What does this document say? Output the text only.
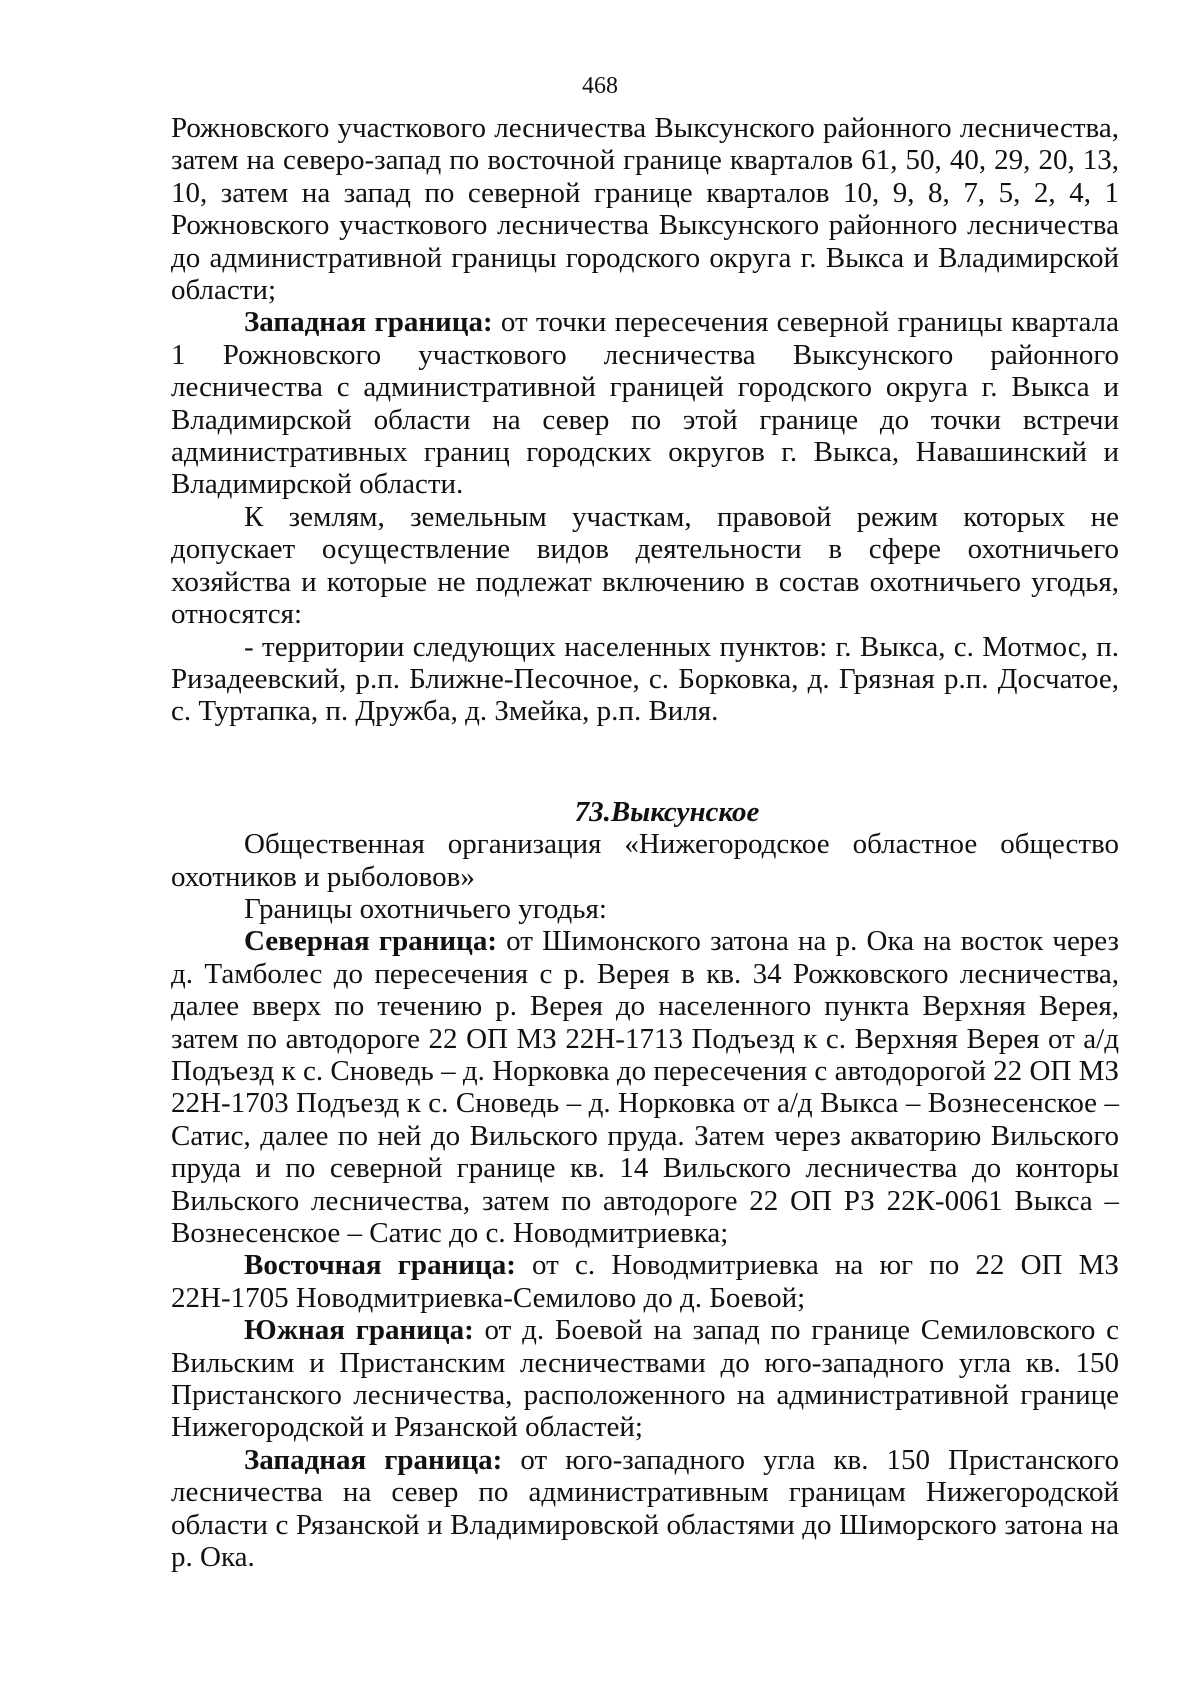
468

Рожновского участкового лесничества Выксунского районного лесничества, затем на северо-запад по восточной границе кварталов 61, 50, 40, 29, 20, 13, 10, затем на запад по северной границе кварталов 10, 9, 8, 7, 5, 2, 4, 1 Рожновского участкового лесничества Выксунского районного лесничества до административной границы городского округа г. Выкса и Владимирской области;

Западная граница: от точки пересечения северной границы квартала 1 Рожновского участкового лесничества Выксунского районного лесничества с административной границей городского округа г. Выкса и Владимирской области на север по этой границе до точки встречи административных границ городских округов г. Выкса, Навашинский и Владимирской области.

К землям, земельным участкам, правовой режим которых не допускает осуществление видов деятельности в сфере охотничьего хозяйства и которые не подлежат включению в состав охотничьего угодья, относятся:

- территории следующих населенных пунктов: г. Выкса, с. Мотмос, п. Ризадеевский, р.п. Ближне-Песочное, с. Борковка, д. Грязная р.п. Досчатое, с. Туртапка, п. Дружба, д. Змейка, р.п. Виля.

73.Выксунское

Общественная организация «Нижегородское областное общество охотников и рыболовов»

Границы охотничьего угодья:

Северная граница: от Шимонского затона на р. Ока на восток через д. Тамболес до пересечения с р. Верея в кв. 34 Рожковского лесничества, далее вверх по течению р. Верея до населенного пункта Верхняя Верея, затем по автодороге 22 ОП МЗ 22Н-1713 Подъезд к с. Верхняя Верея от а/д Подъезд к с. Сноведь – д. Норковка до пересечения с автодорогой 22 ОП МЗ 22Н-1703 Подъезд к с. Сноведь – д. Норковка от а/д Выкса – Вознесенское – Сатис, далее по ней до Вильского пруда. Затем через акваторию Вильского пруда и по северной границе кв. 14 Вильского лесничества до конторы Вильского лесничества, затем по автодороге 22 ОП РЗ 22К-0061 Выкса – Вознесенское – Сатис до с. Новодмитриевка;

Восточная граница: от с. Новодмитриевка на юг по 22 ОП МЗ 22Н-1705 Новодмитриевка-Семилово до д. Боевой;

Южная граница: от д. Боевой на запад по границе Семиловского с Вильским и Пристанским лесничествами до юго-западного угла кв. 150 Пристанского лесничества, расположенного на административной границе Нижегородской и Рязанской областей;

Западная граница: от юго-западного угла кв. 150 Пристанского лесничества на север по административным границам Нижегородской области с Рязанской и Владимировской областями до Шиморского затона на р. Ока.
